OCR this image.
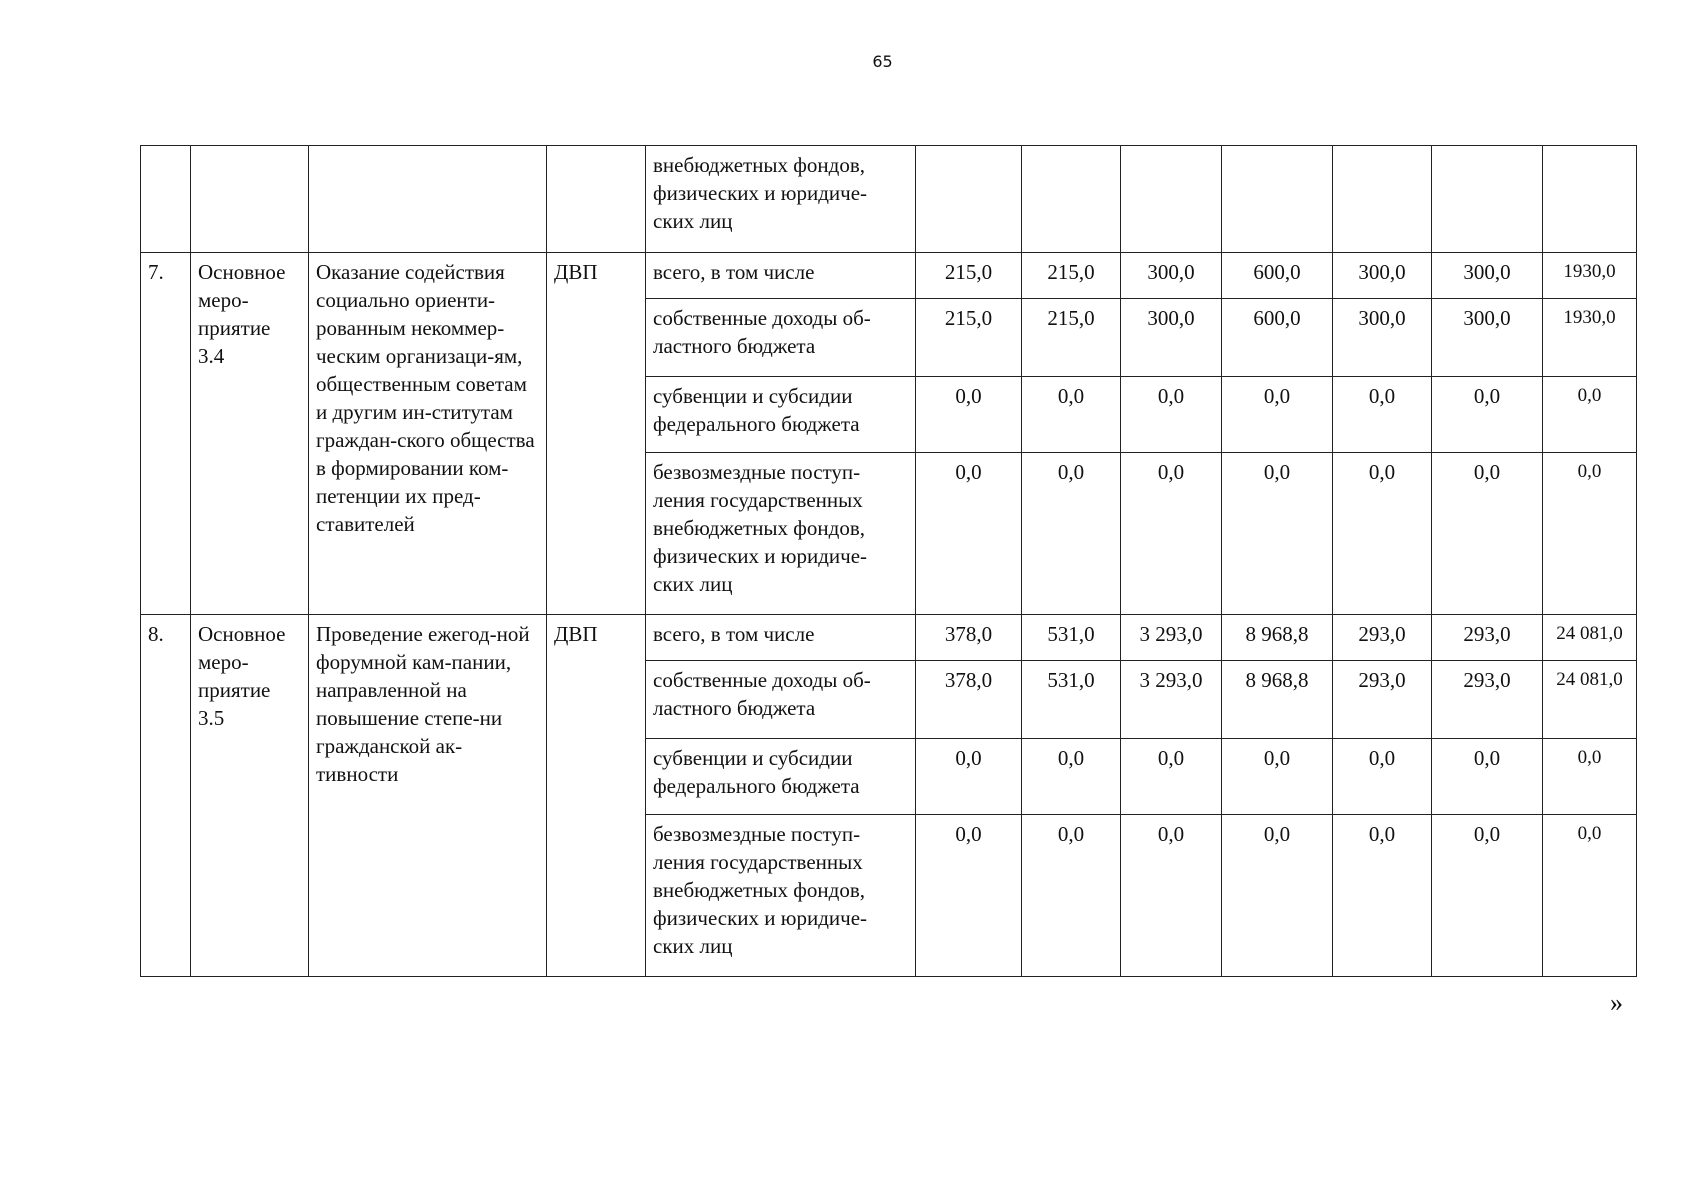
65
				внебюджетных фондов, физических и юридиче-ских лиц							
7.	Основное меро-приятие 3.4	Оказание содействия социально ориенти-рованным некоммер-ческим организаци-ям, общественным советам и другим ин-ститутам граждан-ского общества в формировании ком-петенции их пред-ставителей	ДВП	всего, в том числе	215,0	215,0	300,0	600,0	300,0	300,0	1930,0
				собственные доходы об-ластного бюджета	215,0	215,0	300,0	600,0	300,0	300,0	1930,0
				субвенции и субсидии федерального бюджета	0,0	0,0	0,0	0,0	0,0	0,0	0,0
				безвозмездные поступ-ления государственных внебюджетных фондов, физических и юридиче-ских лиц	0,0	0,0	0,0	0,0	0,0	0,0	0,0
8.	Основное меро-приятие 3.5	Проведение ежегод-ной форумной кам-пании, направленной на повышение степе-ни гражданской ак-тивности	ДВП	всего, в том числе	378,0	531,0	3 293,0	8 968,8	293,0	293,0	24 081,0
				собственные доходы об-ластного бюджета	378,0	531,0	3 293,0	8 968,8	293,0	293,0	24 081,0
				субвенции и субсидии федерального бюджета	0,0	0,0	0,0	0,0	0,0	0,0	0,0
				безвозмездные поступ-ления государственных внебюджетных фондов, физических и юридиче-ских лиц	0,0	0,0	0,0	0,0	0,0	0,0	0,0
»
